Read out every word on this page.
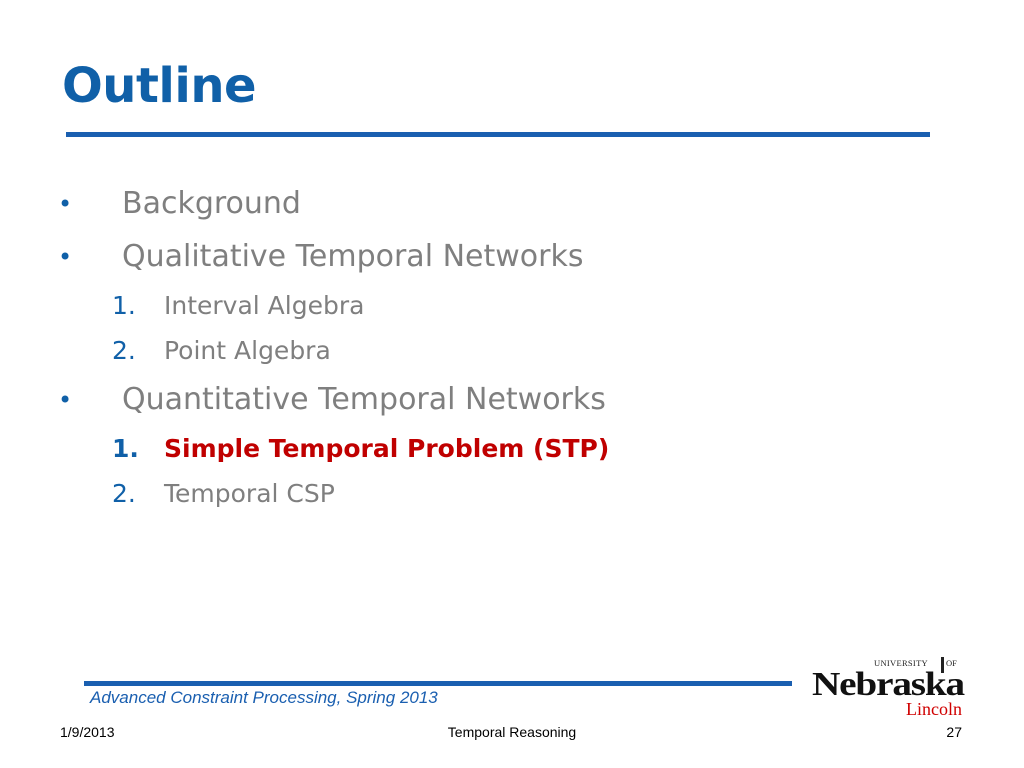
Outline
• Background
• Qualitative Temporal Networks
1. Interval Algebra
2. Point Algebra
• Quantitative Temporal Networks
1. Simple Temporal Problem (STP)
2. Temporal CSP
Advanced Constraint Processing, Spring 2013
UNIVERSITY OF
Nebraska
Lincoln
1/9/2013	Temporal Reasoning	27
